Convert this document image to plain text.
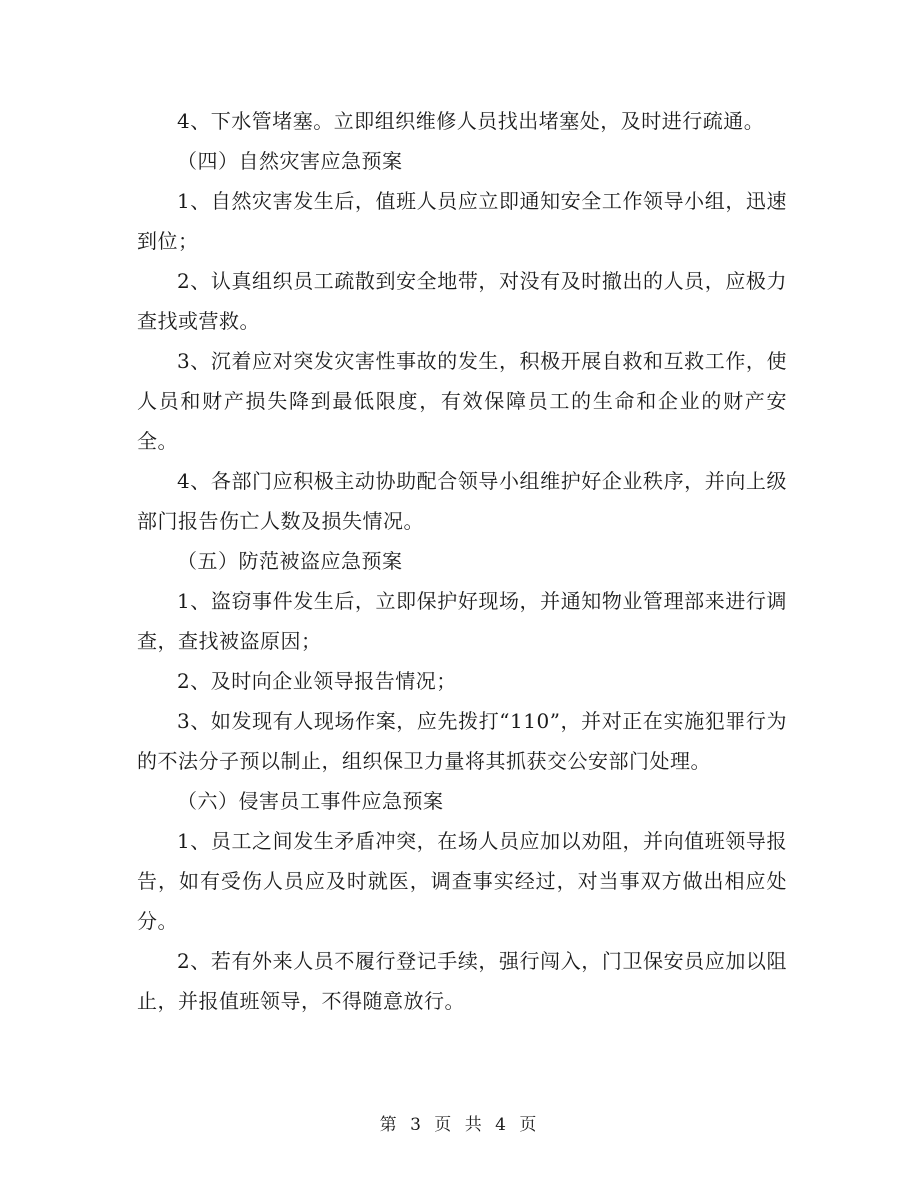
4、下水管堵塞。立即组织维修人员找出堵塞处，及时进行疏通。

（四）自然灾害应急预案

1、自然灾害发生后，值班人员应立即通知安全工作领导小组，迅速到位；

2、认真组织员工疏散到安全地带，对没有及时撤出的人员，应极力查找或营救。

3、沉着应对突发灾害性事故的发生，积极开展自救和互救工作，使人员和财产损失降到最低限度，有效保障员工的生命和企业的财产安全。

4、各部门应积极主动协助配合领导小组维护好企业秩序，并向上级部门报告伤亡人数及损失情况。

（五）防范被盗应急预案

1、盗窃事件发生后，立即保护好现场，并通知物业管理部来进行调查，查找被盗原因；

2、及时向企业领导报告情况；

3、如发现有人现场作案，应先拨打“110”，并对正在实施犯罪行为的不法分子预以制止，组织保卫力量将其抓获交公安部门处理。

（六）侵害员工事件应急预案

1、员工之间发生矛盾冲突，在场人员应加以劝阻，并向值班领导报告，如有受伤人员应及时就医，调查事实经过，对当事双方做出相应处分。

2、若有外来人员不履行登记手续，强行闯入，门卫保安员应加以阻止，并报值班领导，不得随意放行。

第 3 页 共 4 页
